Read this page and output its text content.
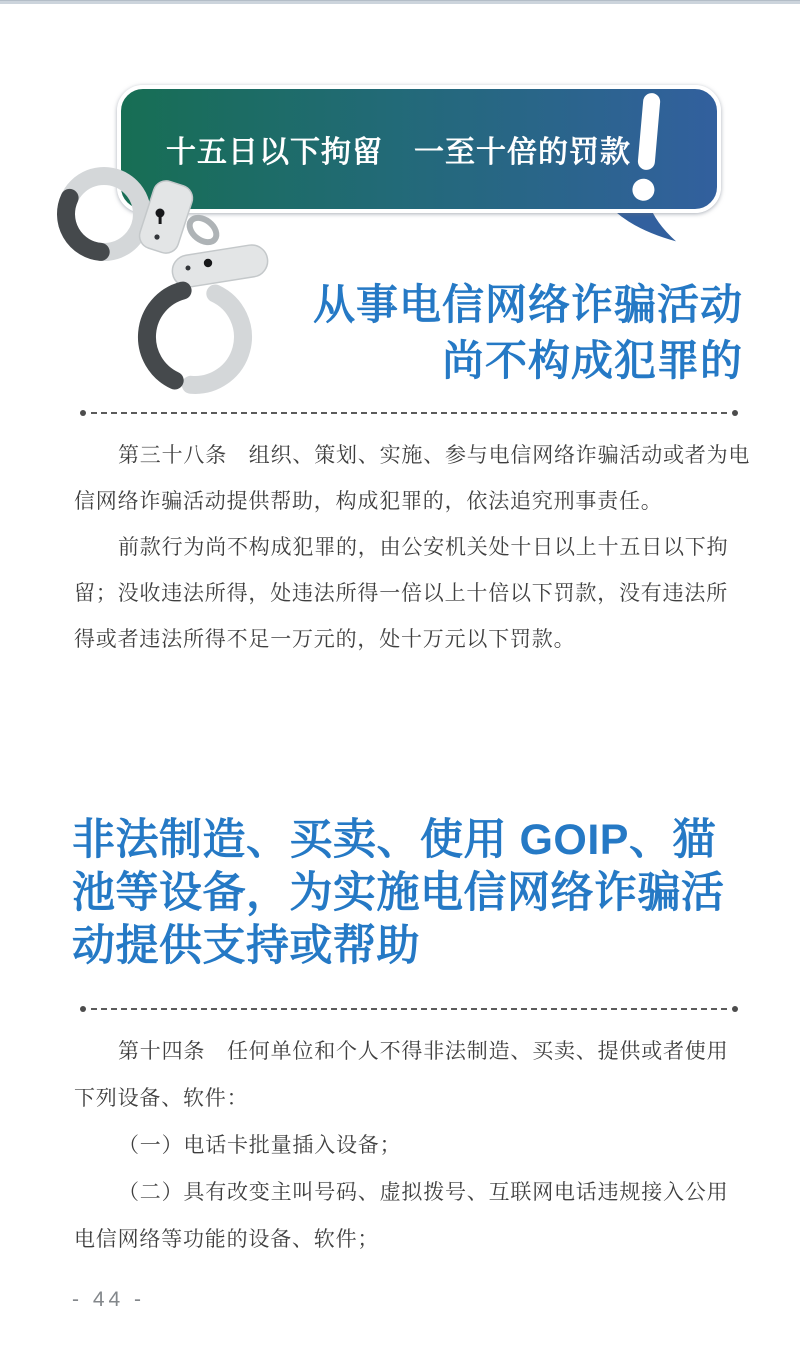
十五日以下拘留　一至十倍的罚款
从事电信网络诈骗活动
尚不构成犯罪的
第三十八条　组织、策划、实施、参与电信网络诈骗活动或者为电
信网络诈骗活动提供帮助，构成犯罪的，依法追究刑事责任。
前款行为尚不构成犯罪的，由公安机关处十日以上十五日以下拘
留；没收违法所得，处违法所得一倍以上十倍以下罚款，没有违法所
得或者违法所得不足一万元的，处十万元以下罚款。
非法制造、买卖、使用 GOIP、猫
池等设备，为实施电信网络诈骗活
动提供支持或帮助
第十四条　任何单位和个人不得非法制造、买卖、提供或者使用
下列设备、软件：
（一）电话卡批量插入设备；
（二）具有改变主叫号码、虚拟拨号、互联网电话违规接入公用
电信网络等功能的设备、软件；
- 44 -
